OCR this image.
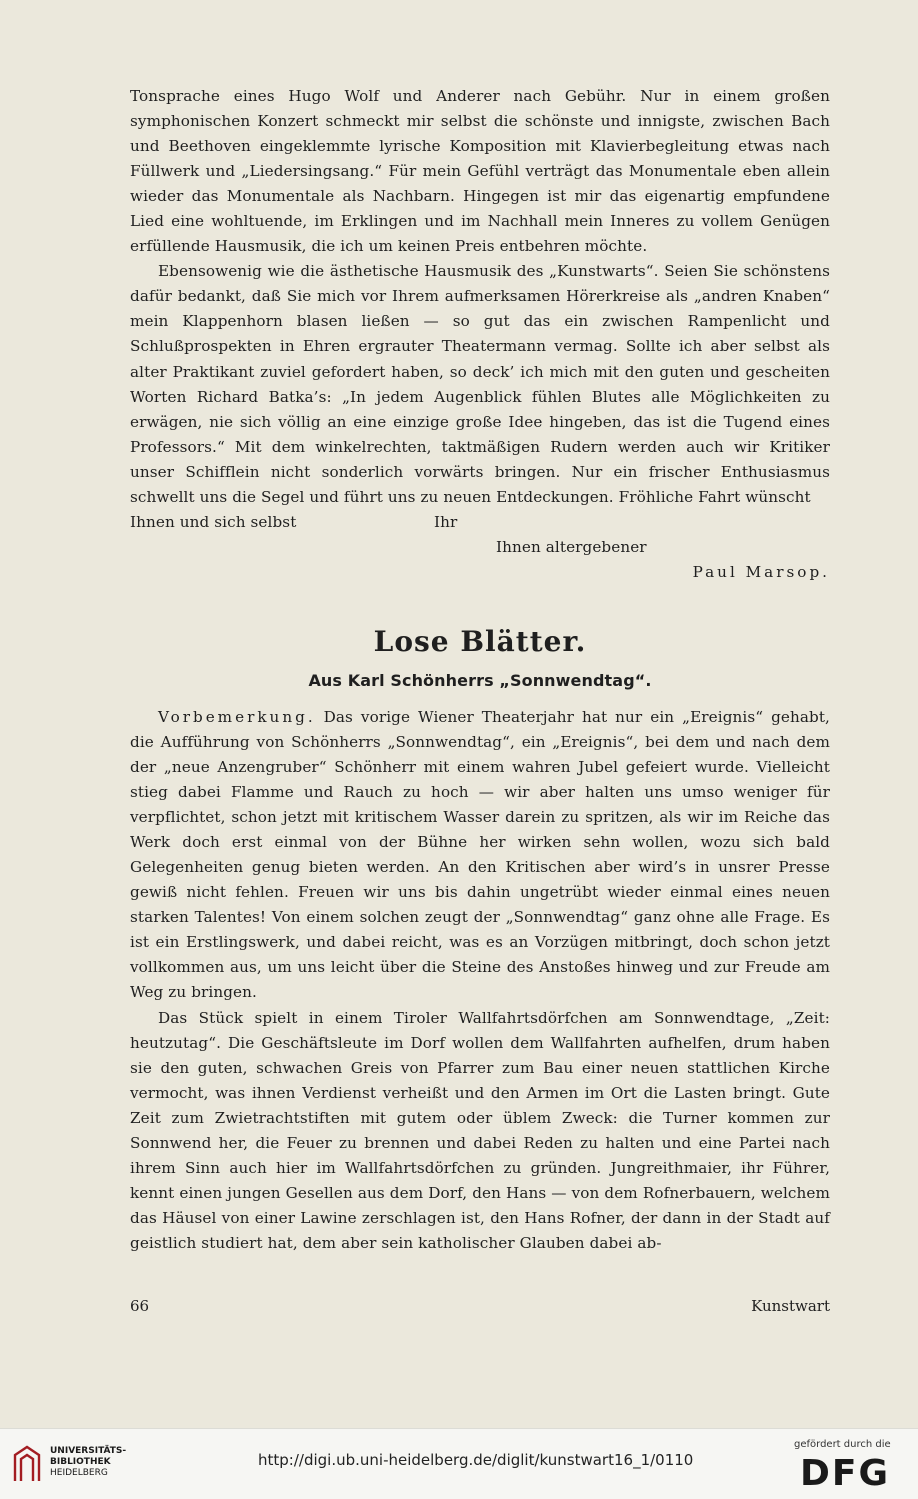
Tonsprache eines Hugo Wolf und Anderer nach Gebühr. Nur in einem großen symphonischen Konzert schmeckt mir selbst die schönste und innigste, zwischen Bach und Beethoven eingeklemmte lyrische Komposition mit Klavierbegleitung etwas nach Füllwerk und „Liedersingsang.“ Für mein Gefühl verträgt das Monumentale eben allein wieder das Monumentale als Nachbarn. Hingegen ist mir das eigenartig empfundene Lied eine wohltuende, im Erklingen und im Nachhall mein Inneres zu vollem Genügen erfüllende Hausmusik, die ich um keinen Preis entbehren möchte.

Ebensowenig wie die ästhetische Hausmusik des „Kunstwarts“. Seien Sie schönstens dafür bedankt, daß Sie mich vor Ihrem aufmerksamen Hörerkreise als „andren Knaben“ mein Klappenhorn blasen ließen — so gut das ein zwischen Rampenlicht und Schlußprospekten in Ehren ergrauter Theatermann vermag. Sollte ich aber selbst als alter Praktikant zuviel gefordert haben, so deck’ ich mich mit den guten und gescheiten Worten Richard Batka’s: „In jedem Augenblick fühlen Blutes alle Möglichkeiten zu erwägen, nie sich völlig an eine einzige große Idee hingeben, das ist die Tugend eines Professors.“ Mit dem winkelrechten, taktmäßigen Rudern werden auch wir Kritiker unser Schifflein nicht sonderlich vorwärts bringen. Nur ein frischer Enthusiasmus schwellt uns die Segel und führt uns zu neuen Entdeckungen. Fröhliche Fahrt wünscht

Ihnen und sich selbst	Ihr

Ihnen altergebener

Paul Marsop.

Lose Blätter.
Aus Karl Schönherrs „Sonnwendtag“.

Vorbemerkung. Das vorige Wiener Theaterjahr hat nur ein „Ereignis“ gehabt, die Aufführung von Schönherrs „Sonnwendtag“, ein „Ereignis“, bei dem und nach dem der „neue Anzengruber“ Schönherr mit einem wahren Jubel gefeiert wurde. Vielleicht stieg dabei Flamme und Rauch zu hoch — wir aber halten uns umso weniger für verpflichtet, schon jetzt mit kritischem Wasser darein zu spritzen, als wir im Reiche das Werk doch erst einmal von der Bühne her wirken sehn wollen, wozu sich bald Gelegenheiten genug bieten werden. An den Kritischen aber wird’s in unsrer Presse gewiß nicht fehlen. Freuen wir uns bis dahin ungetrübt wieder einmal eines neuen starken Talentes! Von einem solchen zeugt der „Sonnwendtag“ ganz ohne alle Frage. Es ist ein Erstlingswerk, und dabei reicht, was es an Vorzügen mitbringt, doch schon jetzt vollkommen aus, um uns leicht über die Steine des Anstoßes hinweg und zur Freude am Weg zu bringen.

Das Stück spielt in einem Tiroler Wallfahrtsdörfchen am Sonnwendtage, „Zeit: heutzutag“. Die Geschäftsleute im Dorf wollen dem Wallfahrten aufhelfen, drum haben sie den guten, schwachen Greis von Pfarrer zum Bau einer neuen stattlichen Kirche vermocht, was ihnen Verdienst verheißt und den Armen im Ort die Lasten bringt. Gute Zeit zum Zwietrachtstiften mit gutem oder üblem Zweck: die Turner kommen zur Sonnwend her, die Feuer zu brennen und dabei Reden zu halten und eine Partei nach ihrem Sinn auch hier im Wallfahrtsdörfchen zu gründen. Jungreithmaier, ihr Führer, kennt einen jungen Gesellen aus dem Dorf, den Hans — von dem Rofnerbauern, welchem das Häusel von einer Lawine zerschlagen ist, den Hans Rofner, der dann in der Stadt auf geistlich studiert hat, dem aber sein katholischer Glauben dabei ab-

66	Kunstwart
UNIVERSITÄTS-
BIBLIOTHEK
HEIDELBERG
http://digi.ub.uni-heidelberg.de/diglit/kunstwart16_1/0110
gefördert durch die
DFG
